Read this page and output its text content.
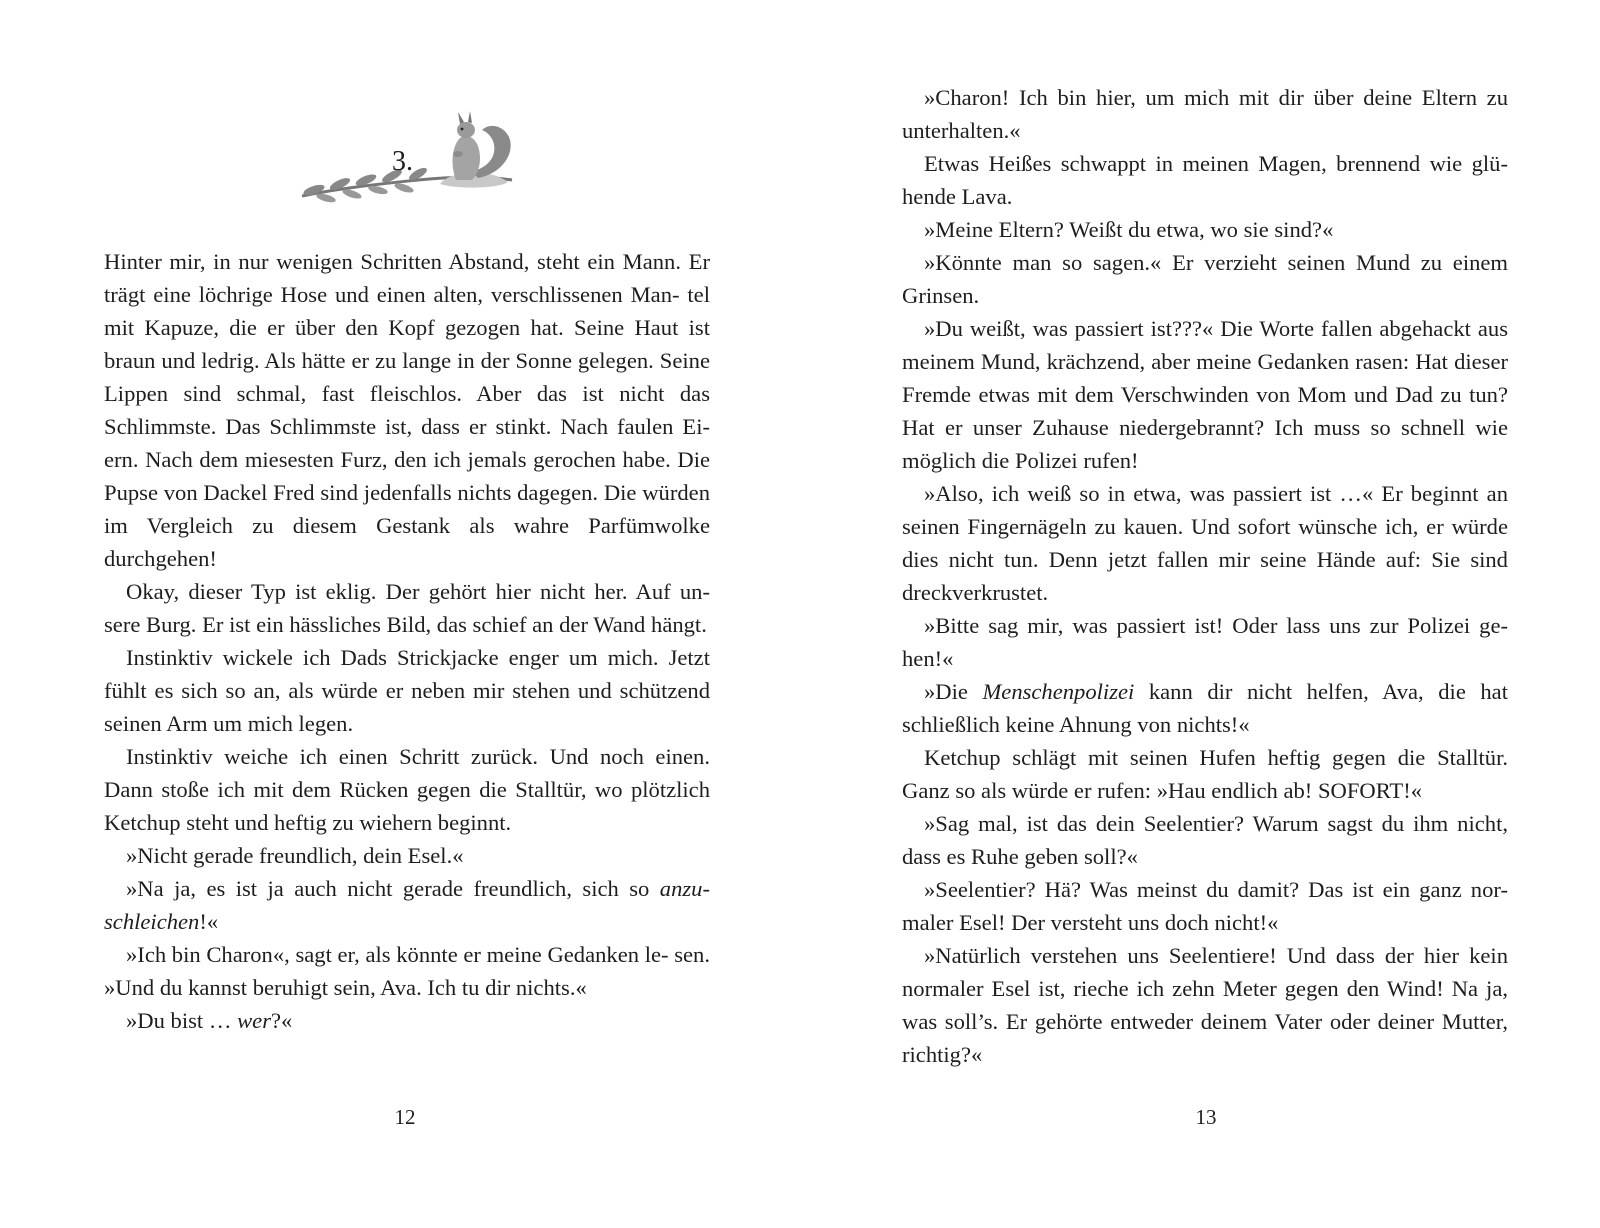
3.

Hinter mir, in nur wenigen Schritten Abstand, steht ein Mann. Er trägt eine löchrige Hose und einen alten, verschlissenen Man- tel mit Kapuze, die er über den Kopf gezogen hat. Seine Haut ist braun und ledrig. Als hätte er zu lange in der Sonne gelegen. Seine Lippen sind schmal, fast fleischlos. Aber das ist nicht das Schlimmste. Das Schlimmste ist, dass er stinkt. Nach faulen Ei- ern. Nach dem miesesten Furz, den ich jemals gerochen habe. Die Pupse von Dackel Fred sind jedenfalls nichts dagegen. Die würden im Vergleich zu diesem Gestank als wahre Parfümwolke durchgehen!

Okay, dieser Typ ist eklig. Der gehört hier nicht her. Auf un- sere Burg. Er ist ein hässliches Bild, das schief an der Wand hängt.

Instinktiv wickele ich Dads Strickjacke enger um mich. Jetzt fühlt es sich so an, als würde er neben mir stehen und schützend seinen Arm um mich legen.

Instinktiv weiche ich einen Schritt zurück. Und noch einen. Dann stoße ich mit dem Rücken gegen die Stalltür, wo plötzlich Ketchup steht und heftig zu wiehern beginnt.

»Nicht gerade freundlich, dein Esel.«

»Na ja, es ist ja auch nicht gerade freundlich, sich so anzu- schleichen!«

»Ich bin Charon«, sagt er, als könnte er meine Gedanken le- sen. »Und du kannst beruhigt sein, Ava. Ich tu dir nichts.«

»Du bist … wer?«

12

»Charon! Ich bin hier, um mich mit dir über deine Eltern zu unterhalten.«

Etwas Heißes schwappt in meinen Magen, brennend wie glü- hende Lava.

»Meine Eltern? Weißt du etwa, wo sie sind?«

»Könnte man so sagen.« Er verzieht seinen Mund zu einem Grinsen.

»Du weißt, was passiert ist???« Die Worte fallen abgehackt aus meinem Mund, krächzend, aber meine Gedanken rasen: Hat dieser Fremde etwas mit dem Verschwinden von Mom und Dad zu tun? Hat er unser Zuhause niedergebrannt? Ich muss so schnell wie möglich die Polizei rufen!

»Also, ich weiß so in etwa, was passiert ist …« Er beginnt an seinen Fingernägeln zu kauen. Und sofort wünsche ich, er würde dies nicht tun. Denn jetzt fallen mir seine Hände auf: Sie sind dreckverkrustet.

»Bitte sag mir, was passiert ist! Oder lass uns zur Polizei ge- hen!«

»Die Menschenpolizei kann dir nicht helfen, Ava, die hat schließlich keine Ahnung von nichts!«

Ketchup schlägt mit seinen Hufen heftig gegen die Stalltür. Ganz so als würde er rufen: »Hau endlich ab! SOFORT!«

»Sag mal, ist das dein Seelentier? Warum sagst du ihm nicht, dass es Ruhe geben soll?«

»Seelentier? Hä? Was meinst du damit? Das ist ein ganz nor- maler Esel! Der versteht uns doch nicht!«

»Natürlich verstehen uns Seelentiere! Und dass der hier kein normaler Esel ist, rieche ich zehn Meter gegen den Wind! Na ja, was soll’s. Er gehörte entweder deinem Vater oder deiner Mutter, richtig?«

13
